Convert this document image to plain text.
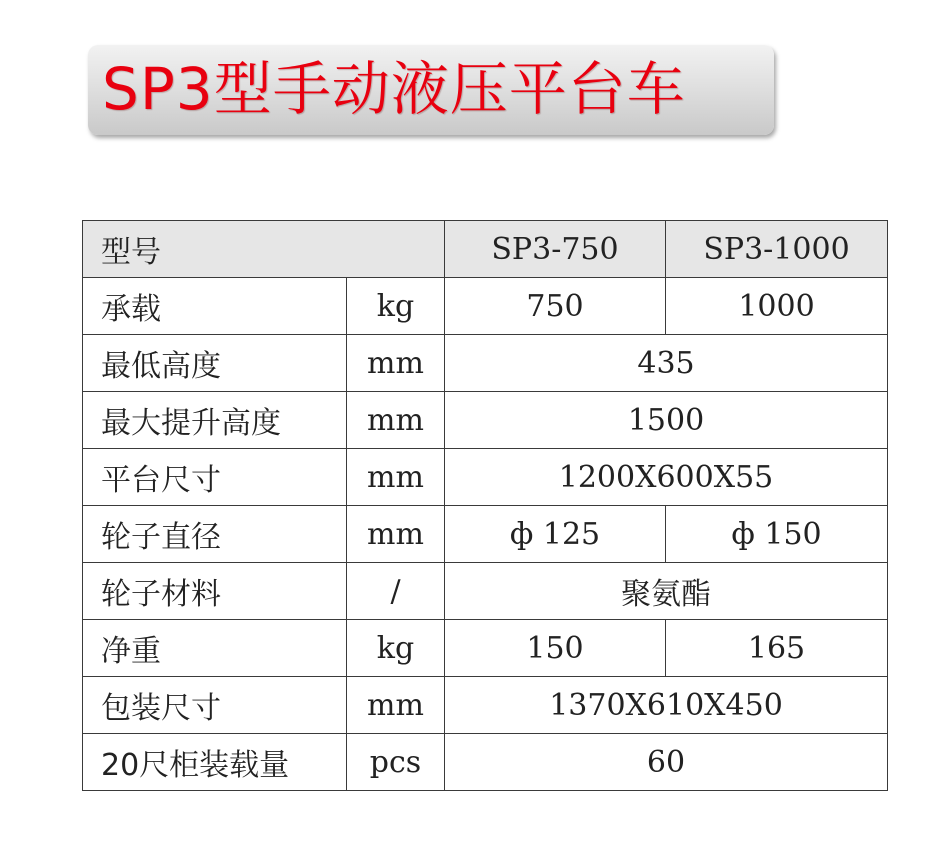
SP3型手动液压平台车
型号		SP3-750	SP3-1000
承载	kg	750	1000
最低高度	mm	435	
最大提升高度	mm	1500	
平台尺寸	mm	1200X600X55	
轮子直径	mm	ф 125	ф 150
轮子材料	/	聚氨酯	
净重	kg	150	165
包装尺寸	mm	1370X610X450	
20尺柜装载量	pcs	60	
